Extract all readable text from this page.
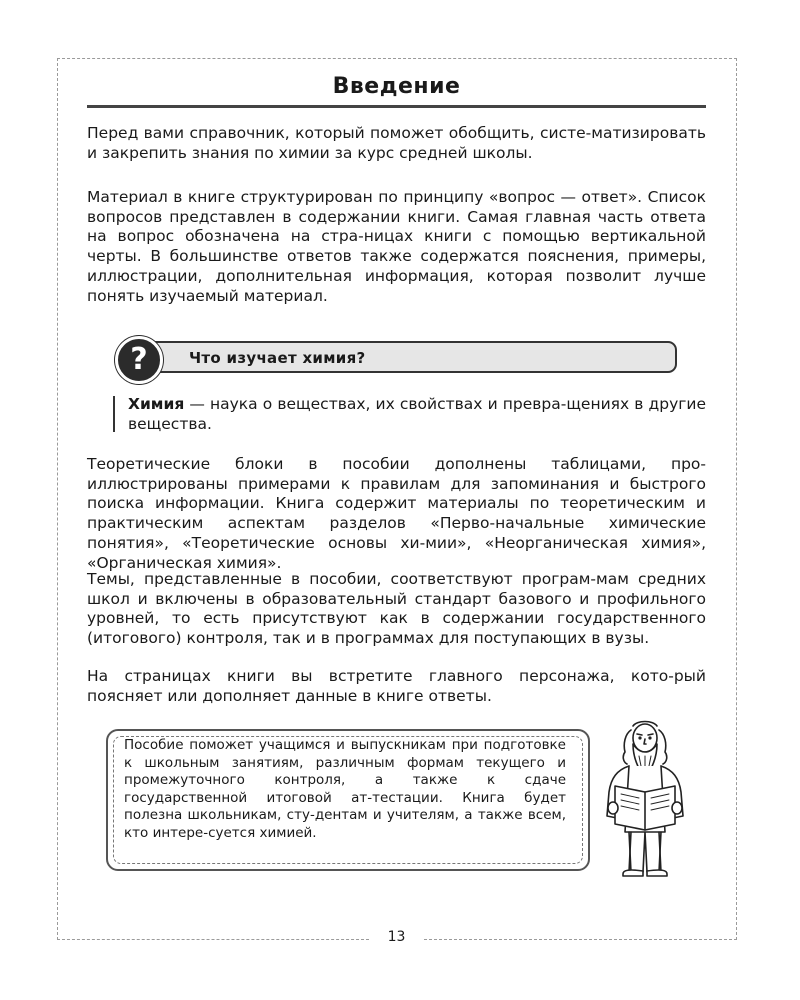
13
Введение

Перед вами справочник, который поможет обобщить, систе-матизировать и закрепить знания по химии за курс средней школы.

Материал в книге структурирован по принципу «вопрос — ответ». Список вопросов представлен в содержании книги. Самая главная часть ответа на вопрос обозначена на стра-ницах книги с помощью вертикальной черты. В большинстве ответов также содержатся пояснения, примеры, иллюстрации, дополнительная информация, которая позволит лучше понять изучаемый материал.

?	Что изучает химия?

Химия — наука о веществах, их свойствах и превра-щениях в другие вещества.

Теоретические блоки в пособии дополнены таблицами, про-иллюстрированы примерами к правилам для запоминания и быстрого поиска информации. Книга содержит материалы по теоретическим и практическим аспектам разделов «Перво-начальные химические понятия», «Теоретические основы хи-мии», «Неорганическая химия», «Органическая химия».

Темы, представленные в пособии, соответствуют програм-мам средних школ и включены в образовательный стандарт базового и профильного уровней, то есть присутствуют как в содержании государственного (итогового) контроля, так и в программах для поступающих в вузы.

На страницах книги вы встретите главного персонажа, кото-рый поясняет или дополняет данные в книге ответы.

Пособие поможет учащимся и выпускникам при подготовке к школьным занятиям, различным формам текущего и промежуточного контроля, а также к сдаче государственной итоговой ат-тестации. Книга будет полезна школьникам, сту-дентам и учителям, а также всем, кто интере-суется химией.
